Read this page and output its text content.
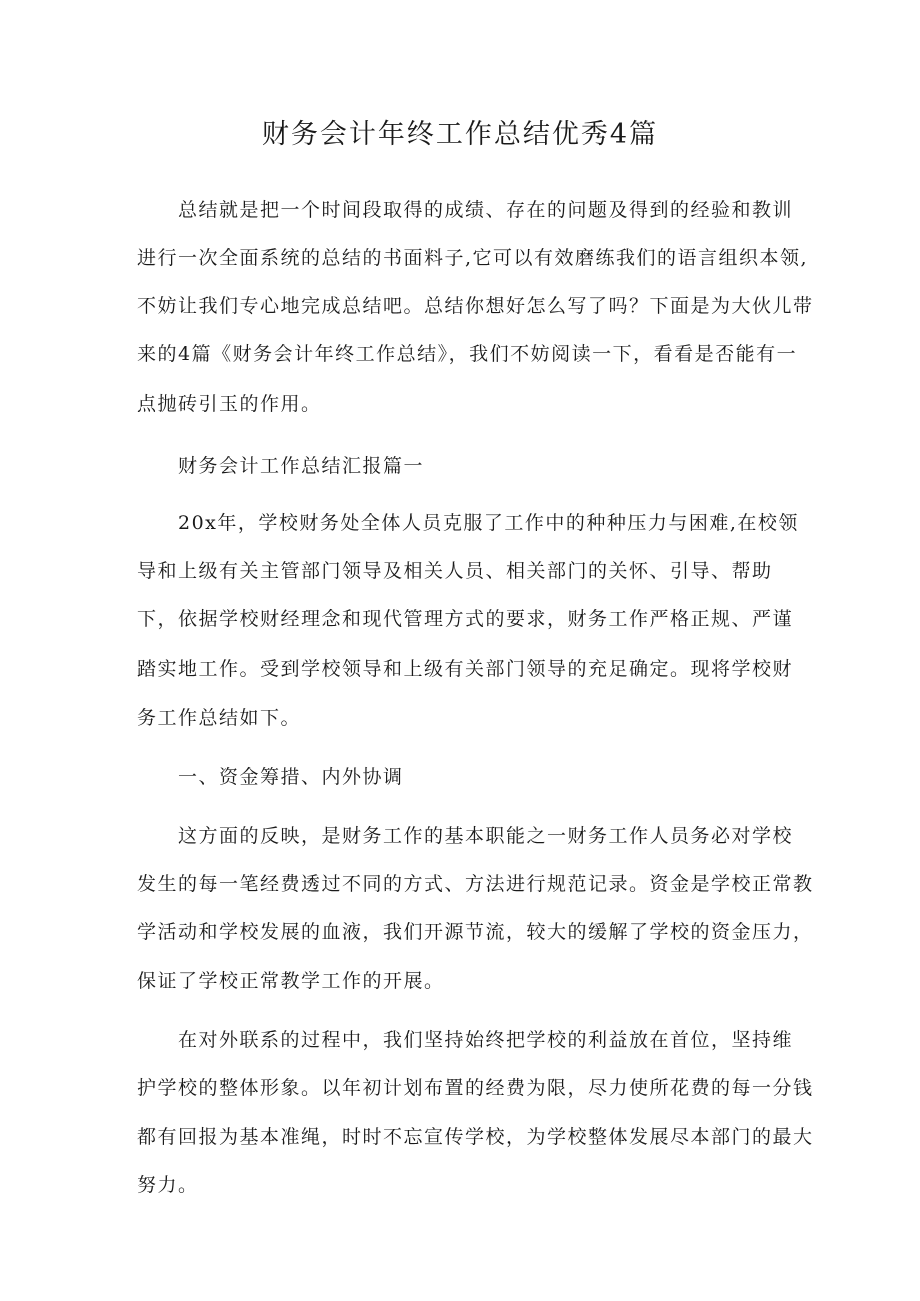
财务会计年终工作总结优秀4篇

总结就是把一个时间段取得的成绩、存在的问题及得到的经验和教训

进行一次全面系统的总结的书面料子,它可以有效磨练我们的语言组织本领,

不妨让我们专心地完成总结吧。总结你想好怎么写了吗？下面是为大伙儿带

来的4篇《财务会计年终工作总结》，我们不妨阅读一下，看看是否能有一

点抛砖引玉的作用。

财务会计工作总结汇报篇一

20x年，学校财务处全体人员克服了工作中的种种压力与困难,在校领

导和上级有关主管部门领导及相关人员、相关部门的关怀、引导、帮助

下，依据学校财经理念和现代管理方式的要求，财务工作严格正规、严谨

踏实地工作。受到学校领导和上级有关部门领导的充足确定。现将学校财

务工作总结如下。

一、资金筹措、内外协调

这方面的反映，是财务工作的基本职能之一财务工作人员务必对学校

发生的每一笔经费透过不同的方式、方法进行规范记录。资金是学校正常教

学活动和学校发展的血液，我们开源节流，较大的缓解了学校的资金压力，

保证了学校正常教学工作的开展。

在对外联系的过程中，我们坚持始终把学校的利益放在首位，坚持维

护学校的整体形象。以年初计划布置的经费为限，尽力使所花费的每一分钱

都有回报为基本准绳，时时不忘宣传学校，为学校整体发展尽本部门的最大

努力。
